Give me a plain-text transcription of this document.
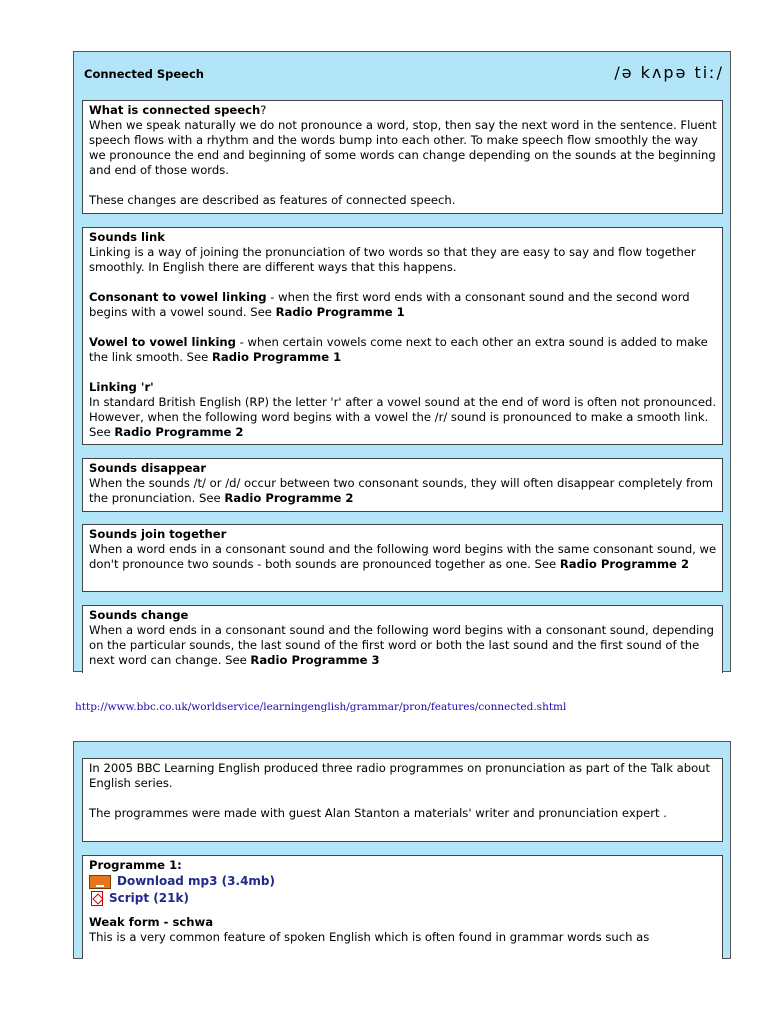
Connected Speech	/ə kʌpə tiː/

What is connected speech?

When we speak naturally we do not pronounce a word, stop, then say the next word in the sentence. Fluent speech flows with a rhythm and the words bump into each other. To make speech flow smoothly the way we pronounce the end and beginning of some words can change depending on the sounds at the beginning and end of those words.

These changes are described as features of connected speech.

Sounds link

Linking is a way of joining the pronunciation of two words so that they are easy to say and flow together smoothly. In English there are different ways that this happens.

Consonant to vowel linking - when the first word ends with a consonant sound and the second word begins with a vowel sound. See Radio Programme 1

Vowel to vowel linking - when certain vowels come next to each other an extra sound is added to make the link smooth. See Radio Programme 1

Linking 'r'

In standard British English (RP) the letter 'r' after a vowel sound at the end of word is often not pronounced. However, when the following word begins with a vowel the /r/ sound is pronounced to make a smooth link. See Radio Programme 2

Sounds disappear

When the sounds /t/ or /d/ occur between two consonant sounds, they will often disappear completely from the pronunciation. See Radio Programme 2

Sounds join together

When a word ends in a consonant sound and the following word begins with the same consonant sound, we don't pronounce two sounds - both sounds are pronounced together as one. See Radio Programme 2

Sounds change

When a word ends in a consonant sound and the following word begins with a consonant sound, depending on the particular sounds, the last sound of the first word or both the last sound and the first sound of the next word can change. See Radio Programme 3

http://www.bbc.co.uk/worldservice/learningenglish/grammar/pron/features/connected.shtml

In 2005 BBC Learning English produced three radio programmes on pronunciation as part of the Talk about English series.

The programmes were made with guest Alan Stanton a materials' writer and pronunciation expert .

Programme 1:

Download mp3 (3.4mb)
Script (21k)

Weak form - schwa

This is a very common feature of spoken English which is often found in grammar words such as
